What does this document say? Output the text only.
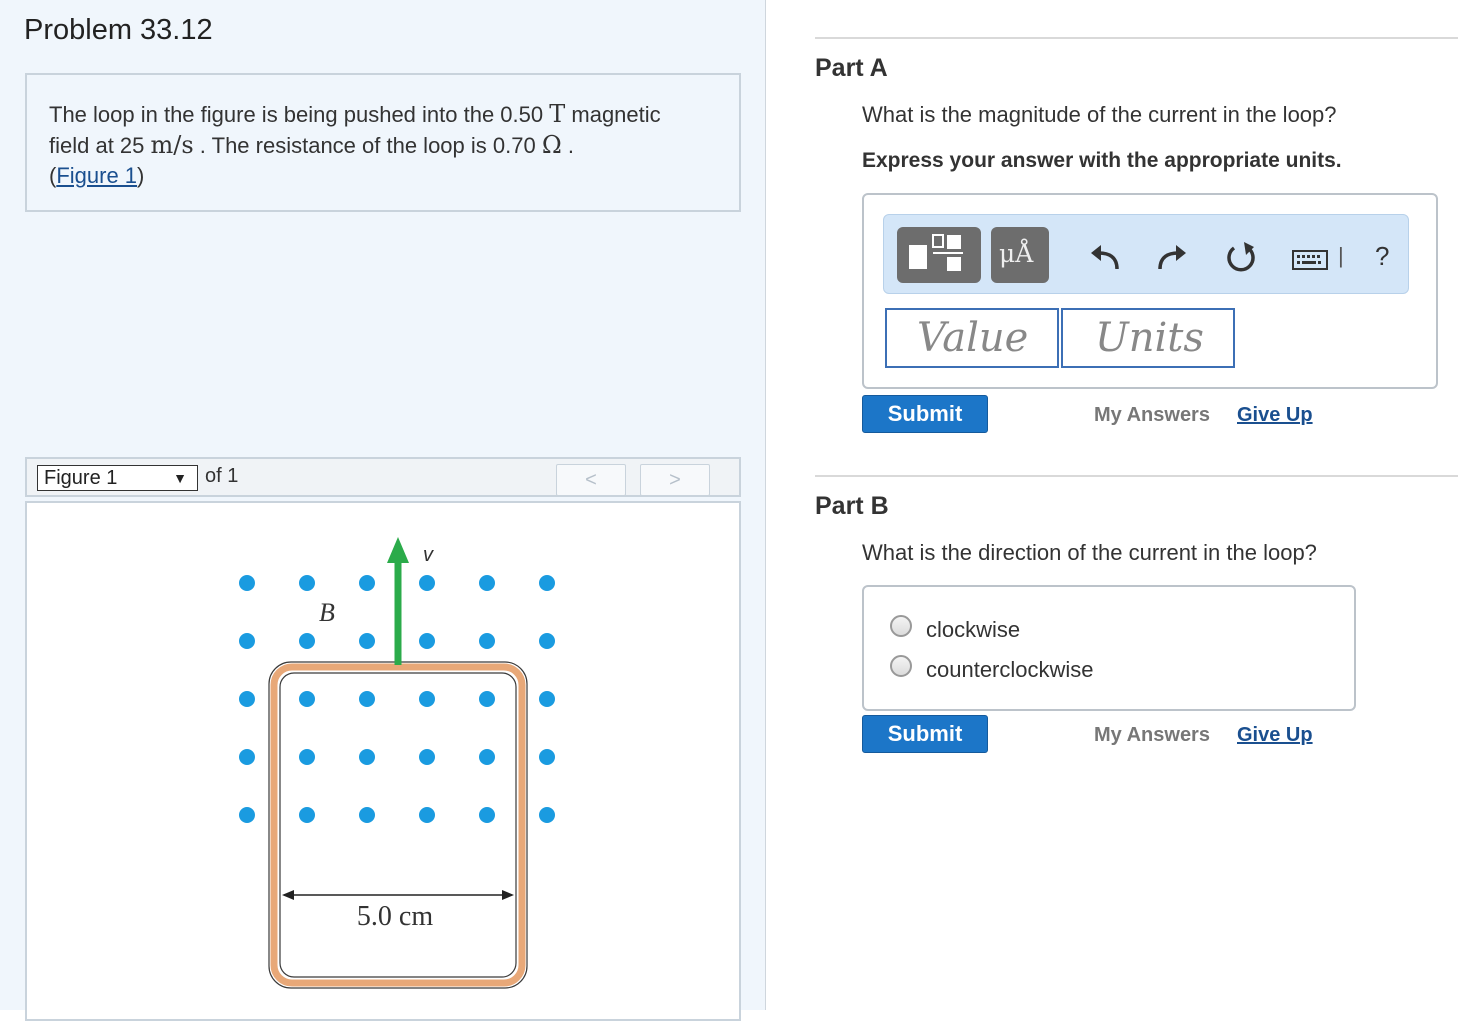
Problem 33.12
The loop in the figure is being pushed into the 0.50 T magnetic
field at 25 m/s . The resistance of the loop is 0.70 Ω .
(Figure 1)
Figure 1	▼ of 1	<	>
v
B
5.0 cm
Part A
What is the magnitude of the current in the loop?
Express your answer with the appropriate units.
μÅ	| ?
Value	Units
Submit	My Answers Give Up
Part B
What is the direction of the current in the loop?
clockwise
counterclockwise
Submit	My Answers Give Up
